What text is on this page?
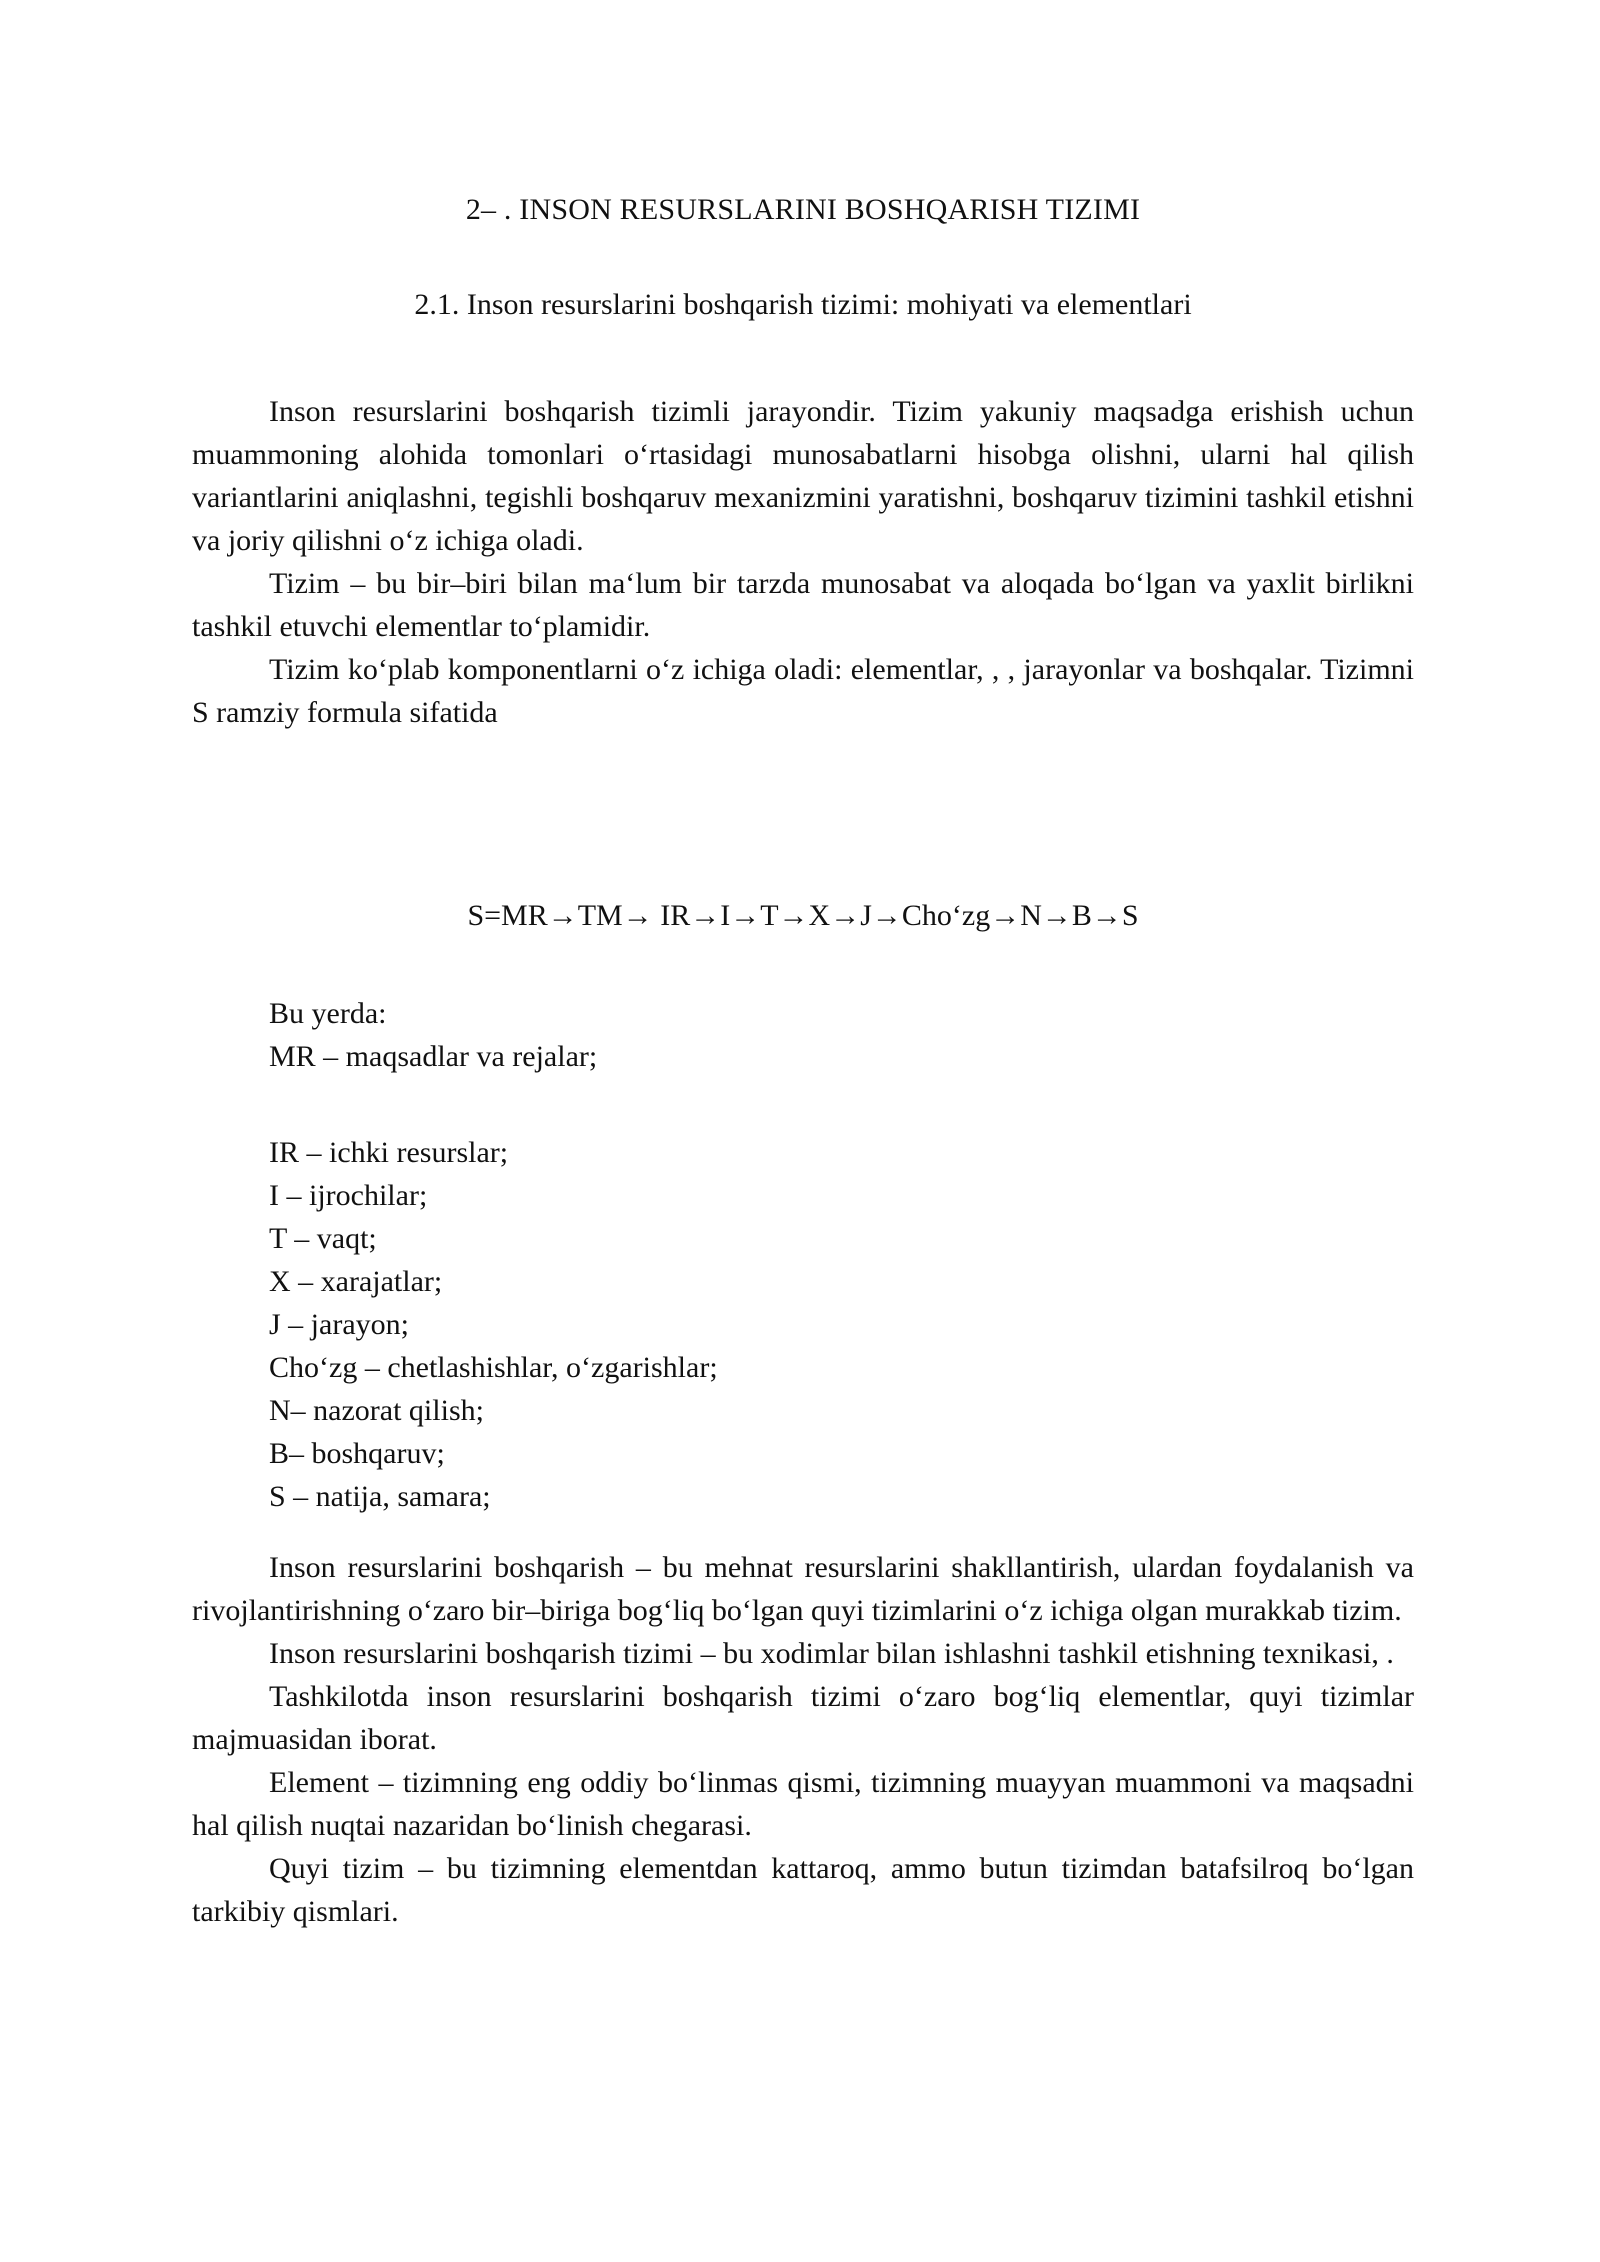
2– . INSON RESURSLARINI BOSHQARISH TIZIMI
2.1. Inson resurslarini boshqarish tizimi: mohiyati va elementlari

Inson resurslarini boshqarish tizimli jarayondir. Tizim yakuniy maqsadga erishish uchun muammoning alohida tomonlari o‘rtasidagi munosabatlarni hisobga olishni, ularni hal qilish variantlarini aniqlashni, tegishli boshqaruv mexanizmini yaratishni, boshqaruv tizimini tashkil etishni va joriy qilishni o‘z ichiga oladi.

Tizim – bu bir–biri bilan ma‘lum bir tarzda munosabat va aloqada bo‘lgan va yaxlit birlikni tashkil etuvchi elementlar to‘plamidir.

Tizim ko‘plab komponentlarni o‘z ichiga oladi: elementlar, , , jarayonlar va boshqalar. Tizimni S ramziy formula sifatida

S=MR→TM→ IR→I→T→X→J→Cho‘zg→N→B→S
Bu yerda:
MR – maqsadlar va rejalar;
IR – ichki resurslar;
I – ijrochilar;
T – vaqt;
X – xarajatlar;
J – jarayon;
Cho‘zg – chetlashishlar, o‘zgarishlar;
N– nazorat qilish;
B– boshqaruv;
S – natija, samara;

Inson resurslarini boshqarish – bu mehnat resurslarini shakllantirish, ulardan foydalanish va rivojlantirishning o‘zaro bir–biriga bog‘liq bo‘lgan quyi tizimlarini o‘z ichiga olgan murakkab tizim.

Inson resurslarini boshqarish tizimi – bu xodimlar bilan ishlashni tashkil etishning texnikasi, .

Tashkilotda inson resurslarini boshqarish tizimi o‘zaro bog‘liq elementlar, quyi tizimlar majmuasidan iborat.

Element – tizimning eng oddiy bo‘linmas qismi, tizimning muayyan muammoni va maqsadni hal qilish nuqtai nazaridan bo‘linish chegarasi.

Quyi tizim – bu tizimning elementdan kattaroq, ammo butun tizimdan batafsilroq bo‘lgan tarkibiy qismlari.
